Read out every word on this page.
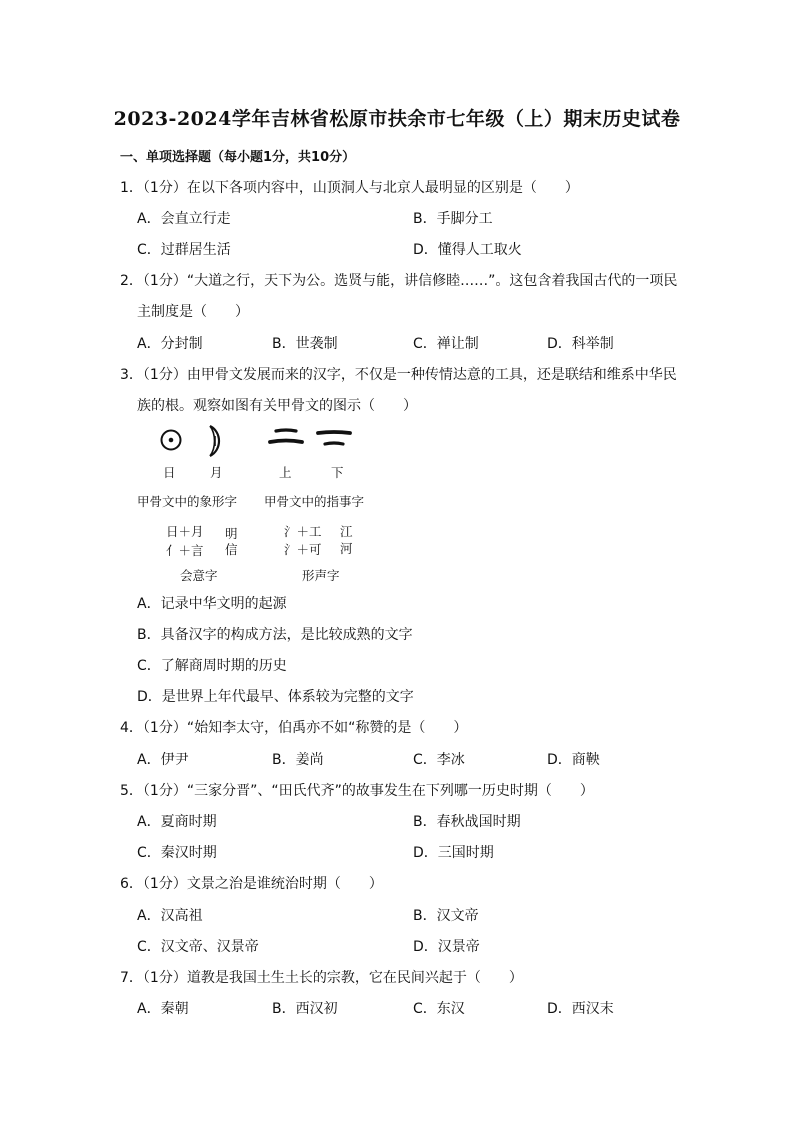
2023-2024学年吉林省松原市扶余市七年级（上）期末历史试卷
一、单项选择题（每小题1分，共10分）
1．（1分）在以下各项内容中，山顶洞人与北京人最明显的区别是（　　）
A．会直立行走	B．手脚分工
C．过群居生活	D．懂得人工取火
2．（1分）“大道之行，天下为公。选贤与能，讲信修睦……”。这包含着我国古代的一项民
主制度是（　　）
A．分封制	B．世袭制	C．禅让制	D．科举制
3．（1分）由甲骨文发展而来的汉字，不仅是一种传情达意的工具，还是联结和维系中华民
族的根。观察如图有关甲骨文的图示（　　）
日	月	上	下
甲骨文中的象形字 甲骨文中的指事字
日＋月
亻＋言
明
信
氵＋工
氵＋可
江
河
会意字	形声字
A．记录中华文明的起源
B．具备汉字的构成方法，是比较成熟的文字
C．了解商周时期的历史
D．是世界上年代最早、体系较为完整的文字
4．（1分）“始知李太守，伯禹亦不如“称赞的是（　　）
A．伊尹	B．姜尚	C．李冰	D．商鞅
5．（1分）“三家分晋”、“田氏代齐”的故事发生在下列哪一历史时期（　　）
A．夏商时期	B．春秋战国时期
C．秦汉时期	D．三国时期
6．（1分）文景之治是谁统治时期（　　）
A．汉高祖	B．汉文帝
C．汉文帝、汉景帝	D．汉景帝
7．（1分）道教是我国土生土长的宗教，它在民间兴起于（　　）
A．秦朝	B．西汉初	C．东汉	D．西汉末
